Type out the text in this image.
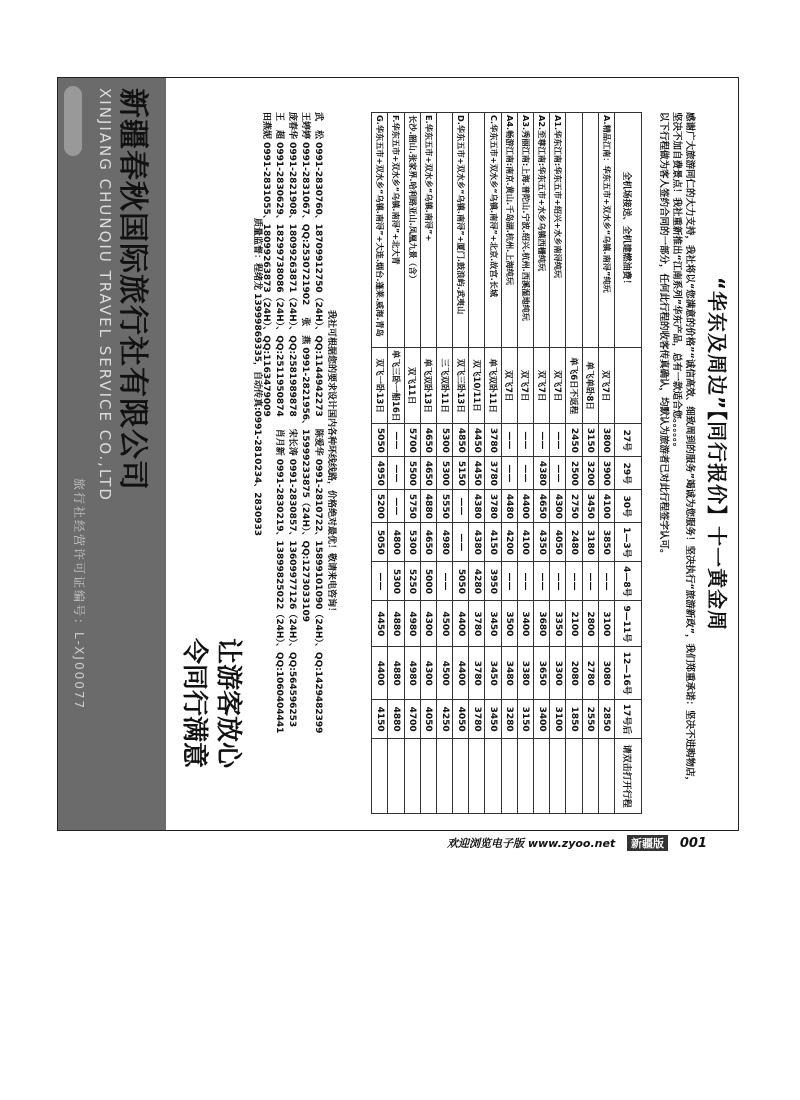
新疆春秋国际旅行社有限公司
XINJIANG CHUNQIU TRAVEL SERVICE CO.,LTD
旅行社经营许可证编号：L-XJ00077	“华东及周边”【同行报价】十一黄金周

感谢广大旅游同仁的大力支持，我社将以“您满意的价格”“诚信高效、细致周到的服务”竭诚为您服务！坚决执行“旅游新政”，我们郑重承诺：坚决不进购物店，

坚决不加自费景点！我社重新推出“江南系列”华东产品，总有一款适合您。。。。。。

以下行程做为客人签约合同的一部分，任何此行程的收客传真确认，均默认为旅游者已对此行程签字认可。

全机场接送、全机建燃油费！		27号	29号	30号	1—3号	4—8号	9—11号	12—16号	17号后	请双击打开行程
A.精品江南：华东五市+双水乡“乌镇.南浔”纯玩	双飞7日	3800	3900	4100	3850	——	3100	3080	2850	
	单飞单卧8日	3150	3200	3450	3180	——	2800	2780	2550	
	单飞6日不返程	2450	2500	2750	2480	——	2100	2080	1850	
A1.华东江南:华东五市+绍兴+水乡南浔纯玩	双飞7日	——	——	4300	4050	——	3350	3300	3100	
A2.至尊江南:华东五市+水乡乌镇西栅纯玩	双飞7日	——	4380	4650	4350	——	3680	3650	3400	
A3.秀丽江南:上海.普陀山.宁波.绍兴.杭州.西溪湿地纯玩	双飞7日	——	——	4400	4100	——	3400	3380	3150	
A4.畅游江南:南京.黄山.千岛湖.杭州.上海纯玩	双飞7日	——	——	4480	4200	——	3500	3480	3280	
C.华东五市+双水乡“乌镇.南浔”+北京.故宫.长城	单飞双卧11日	3780	3780	3780	4150	3950	3450	3450	3450	
	双飞10/11日	4450	4450	4380	4380	4280	3780	3780	3780	
D.华东五市+双水乡“乌镇.南浔”+厦门.鼓浪屿.武夷山	双飞三卧13日	4850	5150	——	——	5050	4400	4400	4050	
	三飞双卧11日	5300	5300	5550	4980	——	4500	4500	4250	
E.华东五市+双水乡“乌镇.南浔”+	单飞双卧13日	4650	4650	4880	4650	5000	4300	4300	4050	
长沙.韶山.张家界.哈利路亚山.凤凰九景（含）	双飞11日	5700	5500	5750	5300	5250	4980	4980	4700	
F.华东五市+双水乡“乌镇.南浔”+北大青	单飞三卧一船16日	——	——	——	4800	5300	4880	4880	4880	
G.华东五市+双水乡“乌镇.南浔”+大连.烟台.蓬莱.威海.青岛	双飞一卧13日	5050	4950	5200	5050	——	4450	4400	4150	
我社可根据您的要求设计国内各种环线线路，价格绝对最优！敬请来电咨询！
武　松 0991-2830760、18709912750（24H）、QQ:1144942273
陈爱华 0991-2810722、15899101090（24H）、QQ:1429482399
王婷婷 0991-2831067、QQ:2530721902
张　燕 0991-2821956、15999233875（24H）、QQ:1273033109
庞春华 0991-2821908、18099263871（24H）、QQ:2581989878
宋长涛 0991-2830857、13609977126（24H）、QQ:564596253
王　超 0991-2830629、18299738086（24H）、QQ:2511950874
肖月新 0991-2830219、13899825022（24H）、QQ:1060404441
田燕妮 0991-2831055、18099263873（24H）、QQ:1163479009
质量监督：程绪龙 13999869335，自动传真:0991-2810234、2830933
让游客放心
令同行满意
欢迎浏览电子版 www.zyoo.net	新疆版	001
